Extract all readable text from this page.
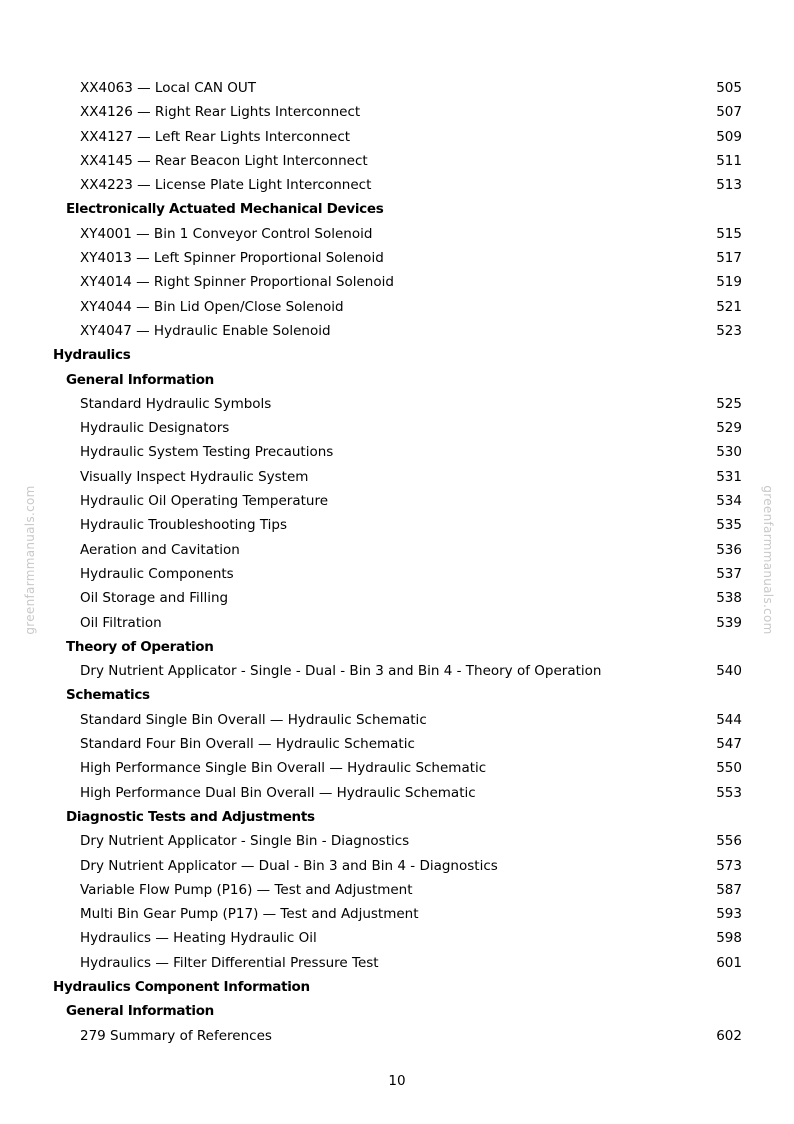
XX4063 — Local CAN OUT	505
XX4126 — Right Rear Lights Interconnect	507
XX4127 — Left Rear Lights Interconnect	509
XX4145 — Rear Beacon Light Interconnect	511
XX4223 — License Plate Light Interconnect	513
Electronically Actuated Mechanical Devices
XY4001 — Bin 1 Conveyor Control Solenoid	515
XY4013 — Left Spinner Proportional Solenoid	517
XY4014 — Right Spinner Proportional Solenoid	519
XY4044 — Bin Lid Open/Close Solenoid	521
XY4047 — Hydraulic Enable Solenoid	523
Hydraulics
General Information
Standard Hydraulic Symbols	525
Hydraulic Designators	529
Hydraulic System Testing Precautions	530
Visually Inspect Hydraulic System	531
Hydraulic Oil Operating Temperature	534
Hydraulic Troubleshooting Tips	535
Aeration and Cavitation	536
Hydraulic Components	537
Oil Storage and Filling	538
Oil Filtration	539
Theory of Operation
Dry Nutrient Applicator - Single - Dual - Bin 3 and Bin 4 - Theory of Operation	540
Schematics
Standard Single Bin Overall — Hydraulic Schematic	544
Standard Four Bin Overall — Hydraulic Schematic	547
High Performance Single Bin Overall — Hydraulic Schematic	550
High Performance Dual Bin Overall — Hydraulic Schematic	553
Diagnostic Tests and Adjustments
Dry Nutrient Applicator - Single Bin - Diagnostics	556
Dry Nutrient Applicator — Dual - Bin 3 and Bin 4 - Diagnostics	573
Variable Flow Pump (P16) — Test and Adjustment	587
Multi Bin Gear Pump (P17) — Test and Adjustment	593
Hydraulics — Heating Hydraulic Oil	598
Hydraulics — Filter Differential Pressure Test	601
Hydraulics Component Information
General Information
279 Summary of References	602
greenfarmmanuals.com	greenfarmmanuals.com
10
